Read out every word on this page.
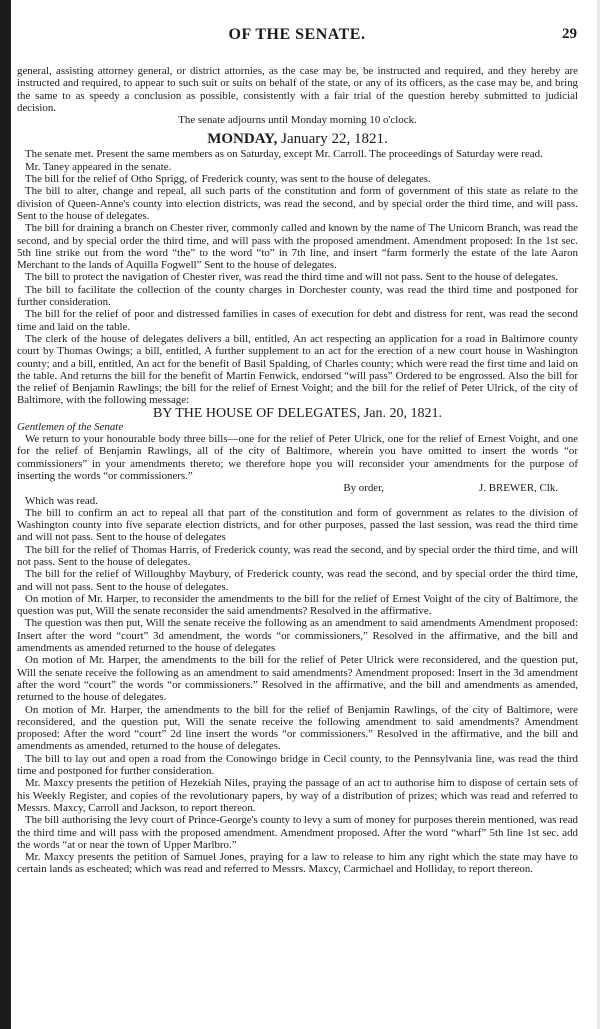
OF THE SENATE.	29

general, assisting attorney general, or district attornies, as the case may be, be instructed and required, and they hereby are instructed and required, to appear to such suit or suits on behalf of the state, or any of its officers, as the case may be, and bring the same to as speedy a conclusion as possible, consistently with a fair trial of the question hereby submitted to judicial decision.

The senate adjourns until Monday morning 10 o'clock.

MONDAY, January 22, 1821.

The senate met. Present the same members as on Saturday, except Mr. Carroll. The proceedings of Saturday were read.

Mr. Taney appeared in the senate.

The bill for the relief of Otho Sprigg, of Frederick county, was sent to the house of delegates.

The bill to alter, change and repeal, all such parts of the constitution and form of government of this state as relate to the division of Queen-Anne's county into election districts, was read the second, and by special order the third time, and will pass. Sent to the house of delegates.

The bill for draining a branch on Chester river, commonly called and known by the name of The Unicorn Branch, was read the second, and by special order the third time, and will pass with the proposed amendment. Amendment proposed: In the 1st sec. 5th line strike out from the word “the” to the word “to” in 7th line, and insert “farm formerly the estate of the late Aaron Merchant to the lands of Aquilla Fogwell” Sent to the house of delegates.

The bill to protect the navigation of Chester river, was read the third time and will not pass. Sent to the house of delegates.

The bill to facilitate the collection of the county charges in Dorchester county, was read the third time and postponed for further consideration.

The bill for the relief of poor and distressed families in cases of execution for debt and distress for rent, was read the second time and laid on the table.

The clerk of the house of delegates delivers a bill, entitled, An act respecting an application for a road in Baltimore county court by Thomas Owings; a bill, entitled, A further supplement to an act for the erection of a new court house in Washington county; and a bill, entitled, An act for the benefit of Basil Spalding, of Charles county; which were read the first time and laid on the table. And returns the bill for the benefit of Martin Fenwick, endorsed “will pass” Ordered to be engrossed. Also the bill for the relief of Benjamin Rawlings; the bill for the relief of Ernest Voight; and the bill for the relief of Peter Ulrick, of the city of Baltimore, with the following message:

BY THE HOUSE OF DELEGATES, Jan. 20, 1821.

Gentlemen of the Senate

We return to your honourable body three bills—one for the relief of Peter Ulrick, one for the relief of Ernest Voight, and one for the relief of Benjamin Rawlings, all of the city of Baltimore, wherein you have omitted to insert the words “or commissioners” in your amendments thereto; we therefore hope you will reconsider your amendments for the purpose of inserting the words “or commissioners.”

By order,	J. BREWER, Clk.

Which was read.

The bill to confirm an act to repeal all that part of the constitution and form of government as relates to the division of Washington county into five separate election districts, and for other purposes, passed the last session, was read the third time and will not pass. Sent to the house of delegates

The bill for the relief of Thomas Harris, of Frederick county, was read the second, and by special order the third time, and will not pass. Sent to the house of delegates.

The bill for the relief of Willoughby Maybury, of Frederick county, was read the second, and by special order the third time, and will not pass. Sent to the house of delegates.

On motion of Mr. Harper, to reconsider the amendments to the bill for the relief of Ernest Voight of the city of Baltimore, the question was put, Will the senate reconsider the said amendments? Resolved in the affirmative.

The question was then put, Will the senate receive the following as an amendment to said amendments Amendment proposed: Insert after the word “court” 3d amendment, the words “or commissioners,” Resolved in the affirmative, and the bill and amendments as amended returned to the house of delegates

On motion of Mr. Harper, the amendments to the bill for the relief of Peter Ulrick were reconsidered, and the question put, Will the senate receive the following as an amendment to said amendments? Amendment proposed: Insert in the 3d amendment after the word “court” the words “or commissioners.” Resolved in the affirmative, and the bill and amendments as amended, returned to the house of delegates.

On motion of Mr. Harper, the amendments to the bill for the relief of Benjamin Rawlings, of the city of Baltimore, were reconsidered, and the question put, Will the senate receive the following amendment to said amendments? Amendment proposed: After the word “court” 2d line insert the words “or commissioners.” Resolved in the affirmative, and the bill and amendments as amended, returned to the house of delegates.

The bill to lay out and open a road from the Conowingo bridge in Cecil county, to the Pennsylvania line, was read the third time and postponed for further consideration.

Mr. Maxcy presents the petition of Hezekiah Niles, praying the passage of an act to authorise him to dispose of certain sets of his Weekly Register, and copies of the revolutionary papers, by way of a distribution of prizes; which was read and referred to Messrs. Maxcy, Carroll and Jackson, to report thereon.

The bill authorising the levy court of Prince-George's county to levy a sum of money for purposes therein mentioned, was read the third time and will pass with the proposed amendment. Amendment proposed. After the word “wharf” 5th line 1st sec. add the words “at or near the town of Upper Marlbro.”

Mr. Maxcy presents the petition of Samuel Jones, praying for a law to release to him any right which the state may have to certain lands as escheated; which was read and referred to Messrs. Maxcy, Carmichael and Holliday, to report thereon.
